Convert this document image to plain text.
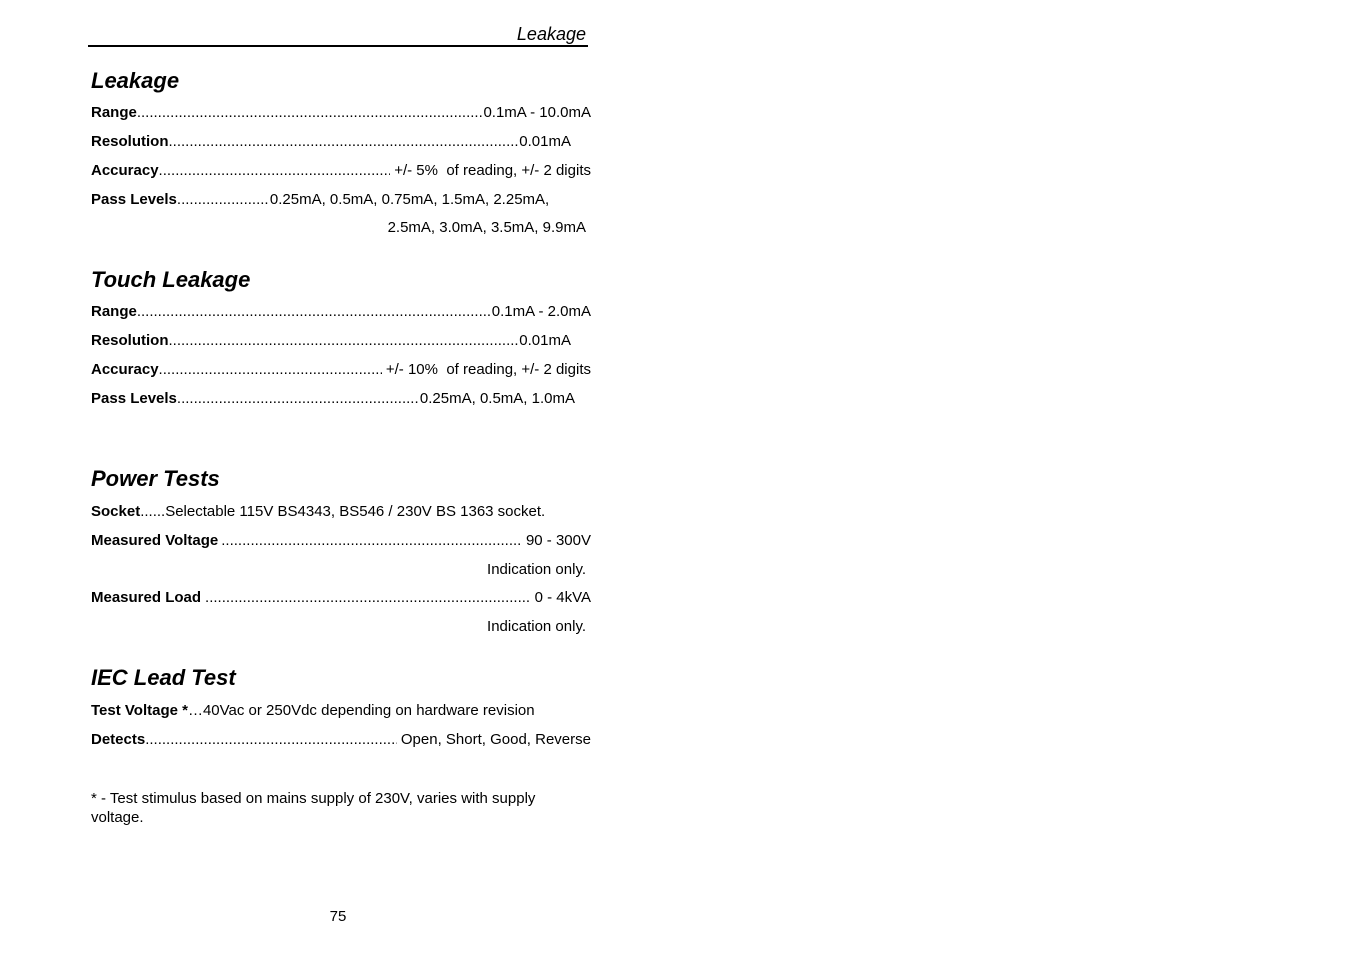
Leakage
Leakage
Range .....	0.1mA - 10.0mA
Resolution .....	0.01mA
Accuracy .....	+/- 5%  of reading, +/- 2 digits
Pass Levels .....	0.25mA, 0.5mA, 0.75mA, 1.5mA, 2.25mA,
2.5mA, 3.0mA, 3.5mA, 9.9mA
Touch Leakage
Range .....	0.1mA - 2.0mA
Resolution .....	0.01mA
Accuracy .....	+/- 10%  of reading, +/- 2 digits
Pass Levels .....	0.25mA, 0.5mA, 1.0mA
Power Tests
Socket......Selectable 115V BS4343, BS546 / 230V BS 1363 socket.
Measured Voltage .....	90 - 300V
Indication only.
Measured Load .....	0 - 4kVA
Indication only.
IEC Lead Test
Test Voltage *…40Vac or 250Vdc depending on hardware revision
Detects .....	Open, Short, Good, Reverse
* - Test stimulus based on mains supply of 230V, varies with supply voltage.
75
